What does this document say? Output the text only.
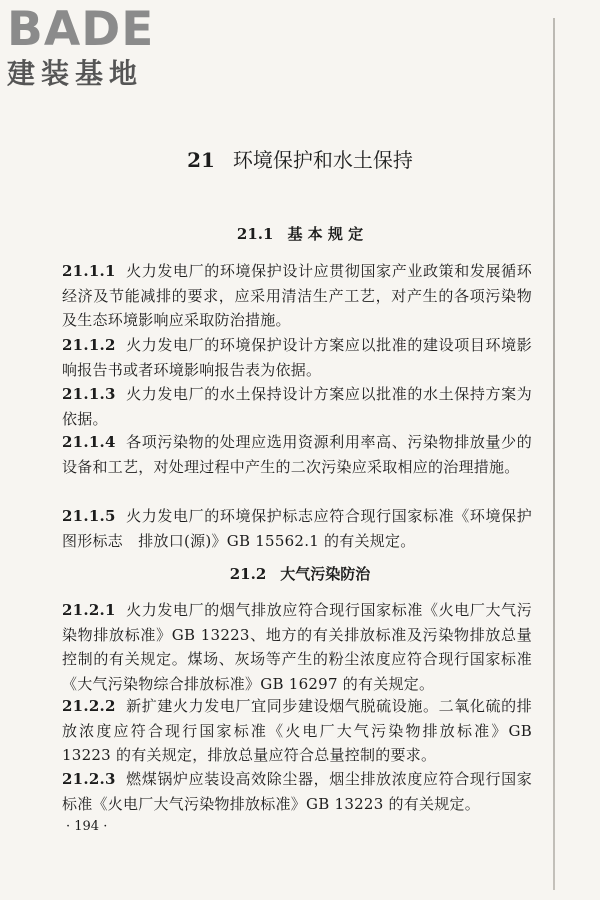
BADE
建装基地
21 环境保护和水土保持
21.1 基 本 规 定
21.1.1 火力发电厂的环境保护设计应贯彻国家产业政策和发展循环经济及节能减排的要求，应采用清洁生产工艺，对产生的各项污染物及生态环境影响应采取防治措施。
21.1.2 火力发电厂的环境保护设计方案应以批准的建设项目环境影响报告书或者环境影响报告表为依据。
21.1.3 火力发电厂的水土保持设计方案应以批准的水土保持方案为依据。
21.1.4 各项污染物的处理应选用资源利用率高、污染物排放量少的设备和工艺，对处理过程中产生的二次污染应采取相应的治理措施。
21.1.5 火力发电厂的环境保护标志应符合现行国家标准《环境保护图形标志　排放口(源)》GB 15562.1 的有关规定。
21.2 大气污染防治
21.2.1 火力发电厂的烟气排放应符合现行国家标准《火电厂大气污染物排放标准》GB 13223、地方的有关排放标准及污染物排放总量控制的有关规定。煤场、灰场等产生的粉尘浓度应符合现行国家标准《大气污染物综合排放标准》GB 16297 的有关规定。
21.2.2 新扩建火力发电厂宜同步建设烟气脱硫设施。二氧化硫的排放浓度应符合现行国家标准《火电厂大气污染物排放标准》GB 13223 的有关规定，排放总量应符合总量控制的要求。
21.2.3 燃煤锅炉应装设高效除尘器，烟尘排放浓度应符合现行国家标准《火电厂大气污染物排放标准》GB 13223 的有关规定。
· 194 ·
